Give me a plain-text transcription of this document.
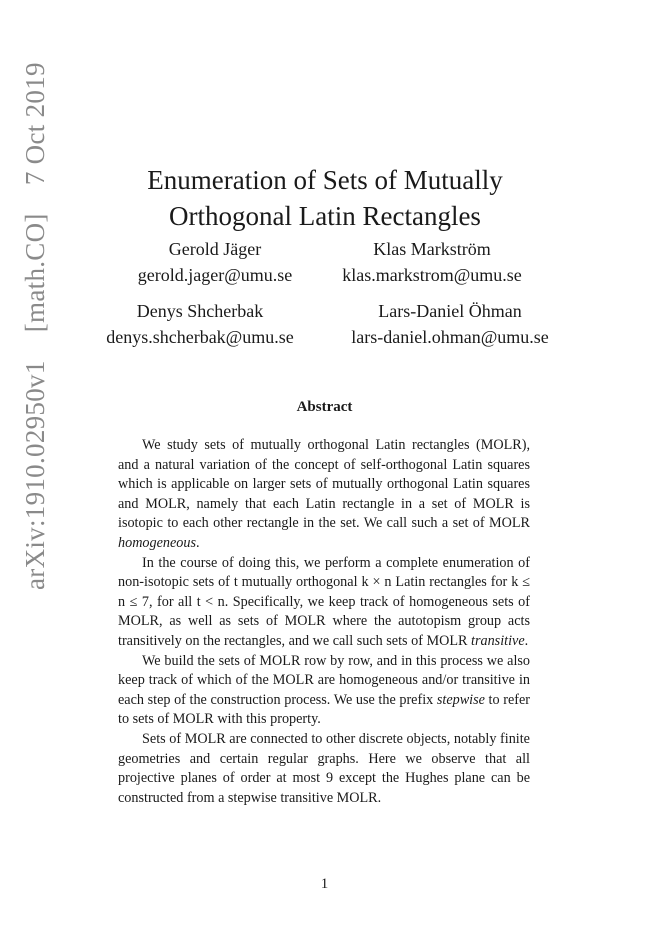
arXiv:1910.02950v1  [math.CO]  7 Oct 2019	Enumeration of Sets of Mutually
Orthogonal Latin Rectangles
Gerold Jäger
gerold.jager@umu.se
Klas Markström
klas.markstrom@umu.se
Denys Shcherbak
denys.shcherbak@umu.se
Lars-Daniel Öhman
lars-daniel.ohman@umu.se
Abstract

We study sets of mutually orthogonal Latin rectangles (MOLR), and a natural variation of the concept of self-orthogonal Latin squares which is applicable on larger sets of mutually orthogonal Latin squares and MOLR, namely that each Latin rectangle in a set of MOLR is isotopic to each other rectangle in the set. We call such a set of MOLR homogeneous.

In the course of doing this, we perform a complete enumeration of non-isotopic sets of t mutually orthogonal k × n Latin rectangles for k ≤ n ≤ 7, for all t < n. Specifically, we keep track of homogeneous sets of MOLR, as well as sets of MOLR where the autotopism group acts transitively on the rectangles, and we call such sets of MOLR transitive.

We build the sets of MOLR row by row, and in this process we also keep track of which of the MOLR are homogeneous and/or transitive in each step of the construction process. We use the prefix stepwise to refer to sets of MOLR with this property.

Sets of MOLR are connected to other discrete objects, notably finite geometries and certain regular graphs. Here we observe that all projective planes of order at most 9 except the Hughes plane can be constructed from a stepwise transitive MOLR.

1
